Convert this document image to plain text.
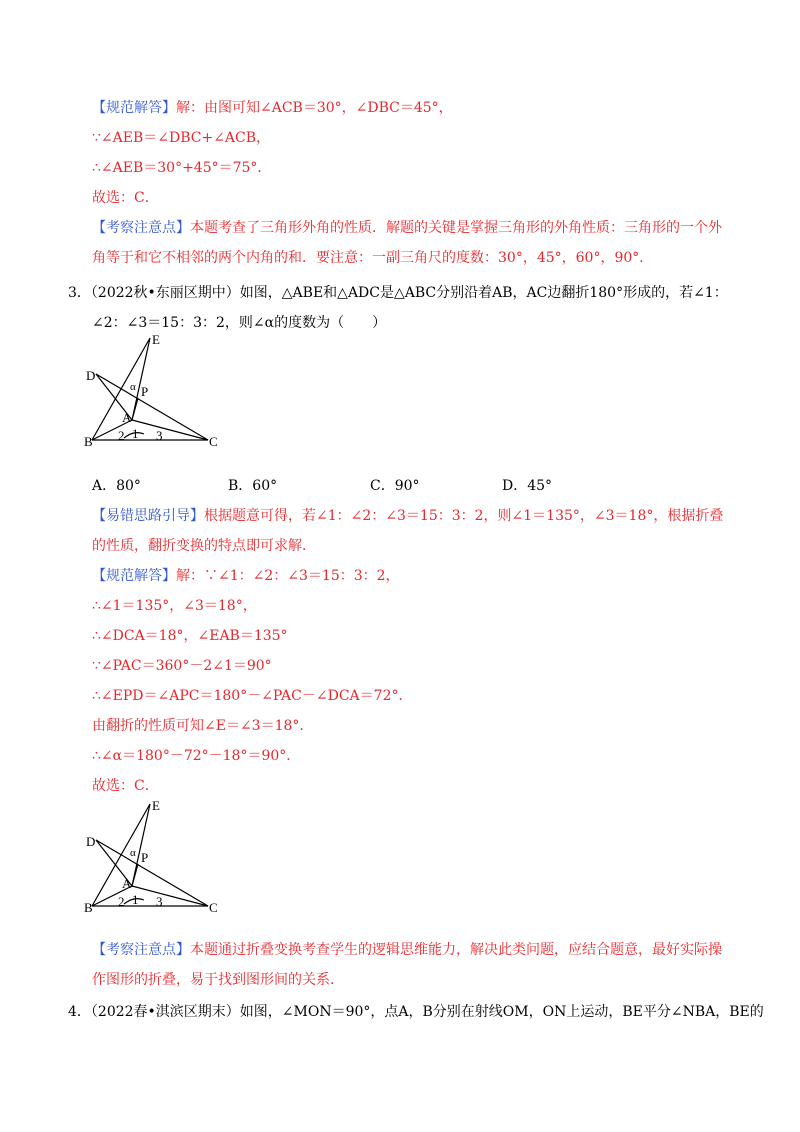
【规范解答】解：由图可知∠ACB＝30°，∠DBC＝45°，
∵∠AEB＝∠DBC+∠ACB，
∴∠AEB＝30°+45°＝75°．
故选：C．
【考察注意点】本题考查了三角形外角的性质．解题的关键是掌握三角形的外角性质：三角形的一个外
角等于和它不相邻的两个内角的和．要注意：一副三角尺的度数：30°，45°，60°，90°．
3．（2022秋•东丽区期中）如图，△ABE和△ADC是△ABC分别沿着AB，AC边翻折180°形成的，若∠1：
∠2：∠3＝15：3：2，则∠α的度数为（　　）
E
D
P
α
A
B	C
1
2 3
A．80°	B．60°	C．90°	D．45°
【易错思路引导】根据题意可得，若∠1：∠2：∠3＝15：3：2，则∠1＝135°，∠3＝18°，根据折叠
的性质，翻折变换的特点即可求解．
【规范解答】解：∵∠1：∠2：∠3＝15：3：2，
∴∠1＝135°，∠3＝18°，
∴∠DCA＝18°，∠EAB＝135°
∵∠PAC＝360°－2∠1＝90°
∴∠EPD＝∠APC＝180°－∠PAC－∠DCA＝72°．
由翻折的性质可知∠E＝∠3＝18°．
∴∠α＝180°－72°－18°＝90°．
故选：C．
E
D
P
α
A
B	C
1
2 3
【考察注意点】本题通过折叠变换考查学生的逻辑思维能力，解决此类问题，应结合题意，最好实际操
作图形的折叠，易于找到图形间的关系．
4．（2022春•淇滨区期末）如图，∠MON＝90°，点A，B分别在射线OM，ON上运动，BE平分∠NBA，BE的
